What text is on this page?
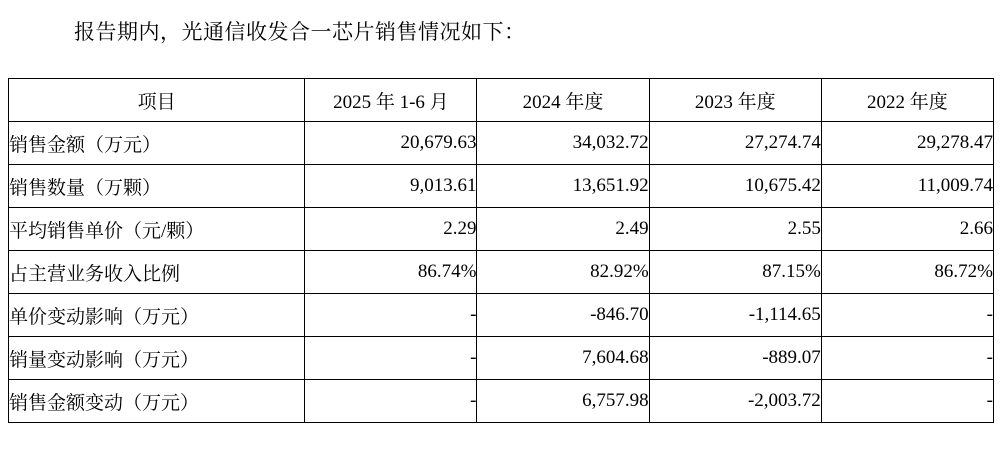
报告期内，光通信收发合一芯片销售情况如下：
项目	2025 年 1-6 月	2024 年度	2023 年度	2022 年度
销售金额（万元）	20,679.63	34,032.72	27,274.74	29,278.47
销售数量（万颗）	9,013.61	13,651.92	10,675.42	11,009.74
平均销售单价（元/颗）	2.29	2.49	2.55	2.66
占主营业务收入比例	86.74%	82.92%	87.15%	86.72%
单价变动影响（万元）	-	-846.70	-1,114.65	-
销量变动影响（万元）	-	7,604.68	-889.07	-
销售金额变动（万元）	-	6,757.98	-2,003.72	-
